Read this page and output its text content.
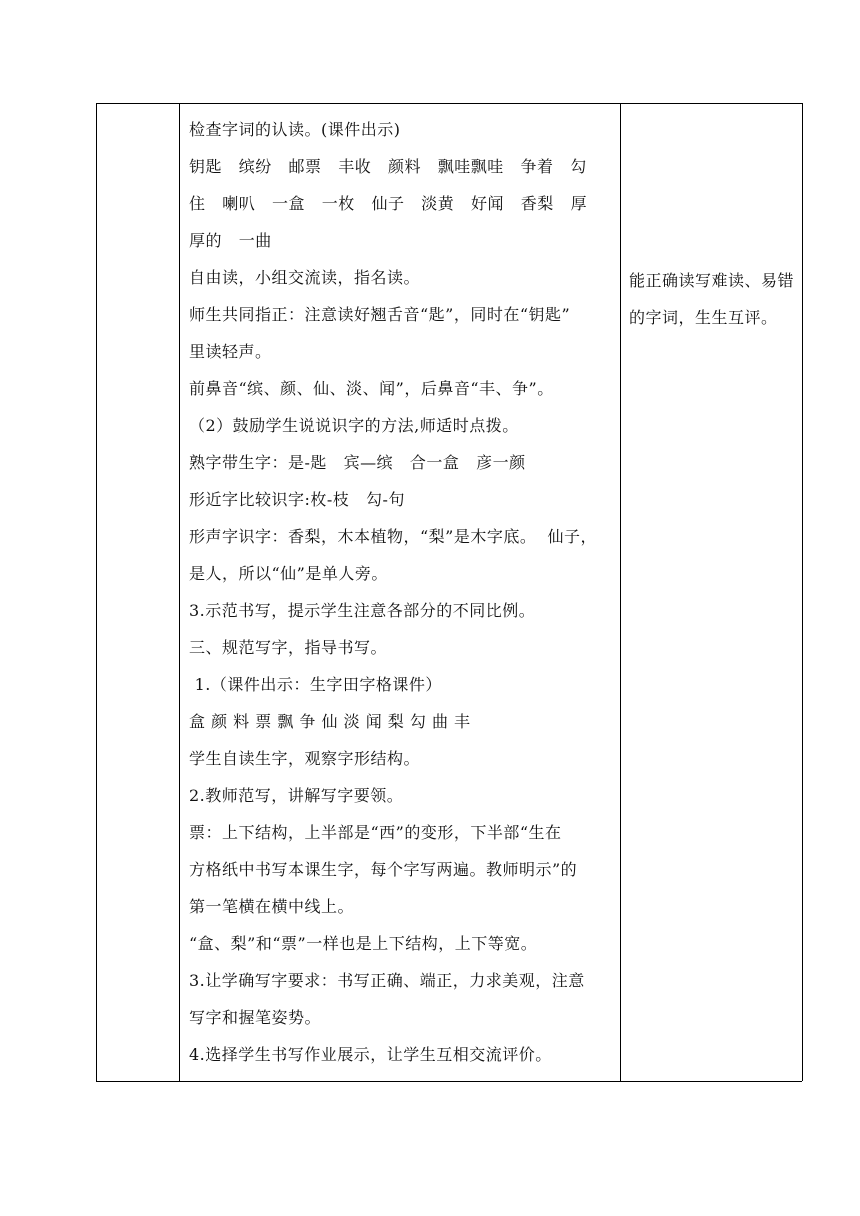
检查字词的认读。(课件出示)
钥匙   缤纷   邮票   丰收   颜料   飘哇飘哇   争着   勾
住   喇叭   一盒   一枚   仙子   淡黄   好闻   香梨   厚
厚的   一曲
自由读，小组交流读，指名读。
师生共同指正：注意读好翘舌音“匙”，同时在“钥匙”
里读轻声。
前鼻音“缤、颜、仙、淡、闻”，后鼻音“丰、争”。
（2）鼓励学生说说识字的方法,师适时点拨。
熟字带生字：是-匙   宾—缤   合一盒   彦一颜
形近字比较识字:枚-枝   勾-句
形声字识字：香梨，木本植物，“梨”是木字底。  仙子，
是人，所以“仙”是单人旁。
3.示范书写，提示学生注意各部分的不同比例。
三、规范写字，指导书写。
1.（课件出示：生字田字格课件）
盒 颜 料 票 飘 争 仙 淡 闻 梨 勾 曲 丰
学生自读生字，观察字形结构。
2.教师范写，讲解写字要领。
票：上下结构，上半部是“西”的变形，下半部“生在
方格纸中书写本课生字，每个字写两遍。教师明示”的
第一笔横在横中线上。
“盒、梨”和“票”一样也是上下结构，上下等宽。
3.让学确写字要求：书写正确、端正，力求美观，注意
写字和握笔姿势。
4.选择学生书写作业展示，让学生互相交流评价。
能正确读写难读、易错
的字词，生生互评。
